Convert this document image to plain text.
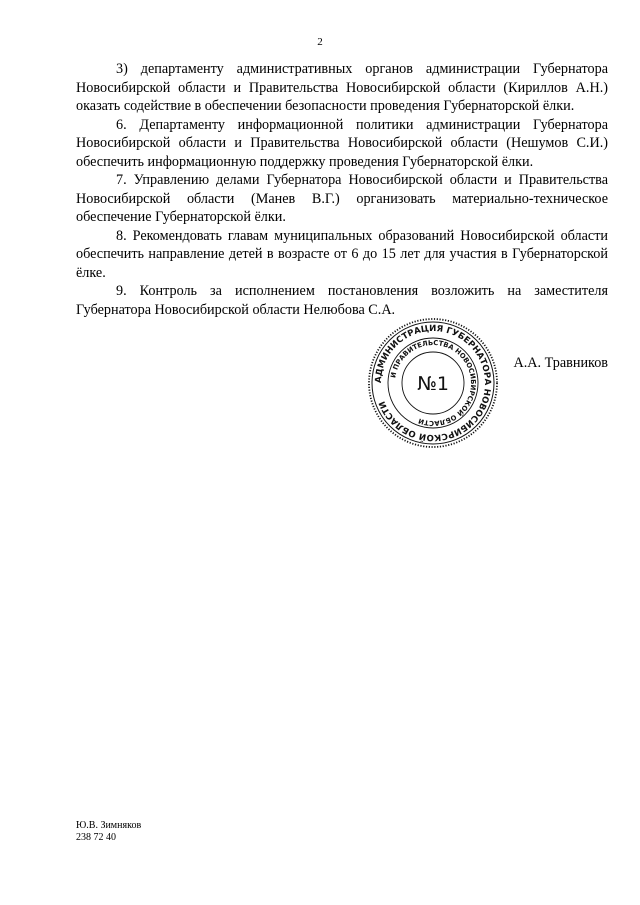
2

3) департаменту административных органов администрации Губернатора Новосибирской области и Правительства Новосибирской области (Кириллов А.Н.) оказать содействие в обеспечении безопасности проведения Губернаторской ёлки.

6. Департаменту информационной политики администрации Губернатора Новосибирской области и Правительства Новосибирской области (Нешумов С.И.) обеспечить информационную поддержку проведения Губернаторской ёлки.

7. Управлению делами Губернатора Новосибирской области и Правительства Новосибирской области (Манев В.Г.) организовать материально-техническое обеспечение Губернаторской ёлки.

8. Рекомендовать главам муниципальных образований Новосибирской области обеспечить направление детей в возрасте от 6 до 15 лет для участия в Губернаторской ёлке.

9. Контроль за исполнением постановления возложить на заместителя Губернатора Новосибирской области Нелюбова С.А.

АДМИНИСТРАЦИЯ ГУБЕРНАТОРА НОВОСИБИРСКОЙ ОБЛАСТИ
И ПРАВИТЕЛЬСТВА НОВОСИБИРСКОЙ ОБЛАСТИ
№1
А.А. Травников
Ю.В. Зимняков
238 72 40
